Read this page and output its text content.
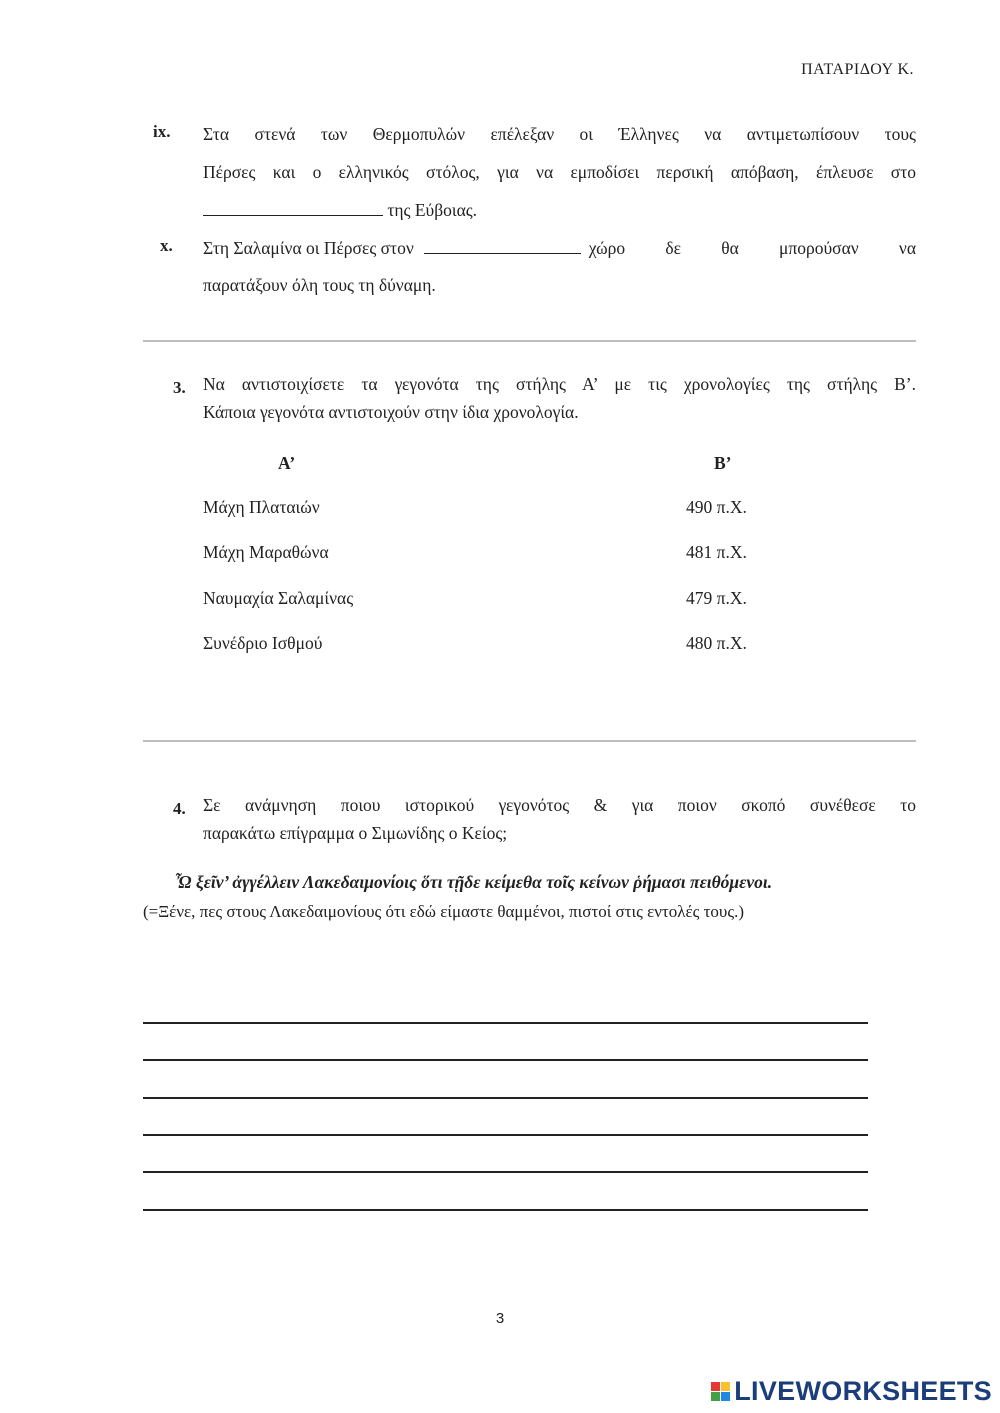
ΠΑΤΑΡΙΔΟΥ Κ.
ix. Στα στενά των Θερμοπυλών επέλεξαν οι Έλληνες να αντιμετωπίσουν τους
Πέρσες και ο ελληνικός στόλος, για να εμποδίσει περσική απόβαση, έπλευσε στο
της Εύβοιας.
x. Στη Σαλαμίνα οι Πέρσες στον	χώρο δε θα μπορούσαν να
παρατάξουν όλη τους τη δύναμη.
3. Να αντιστοιχίσετε τα γεγονότα της στήλης Α’ με τις χρονολογίες της στήλης Β’.
Κάποια γεγονότα αντιστοιχούν στην ίδια χρονολογία.
Α’	Β’
Μάχη Πλαταιών
Μάχη Μαραθώνα
Ναυμαχία Σαλαμίνας
Συνέδριο Ισθμού
490 π.Χ.
481 π.Χ.
479 π.Χ.
480 π.Χ.
4. Σε ανάμνηση ποιου ιστορικού γεγονότος & για ποιον σκοπό συνέθεσε το
παρακάτω επίγραμμα ο Σιμωνίδης ο Κείος;
Ὦ ξεῖν’ ἀγγέλλειν Λακεδαιμονίοις ὅτι τῇδε κείμεθα τοῖς κείνων ῥήμασι πειθόμενοι.
(=Ξένε, πες στους Λακεδαιμονίους ότι εδώ είμαστε θαμμένοι, πιστοί στις εντολές τους.)
3
LIVEWORKSHEETS
